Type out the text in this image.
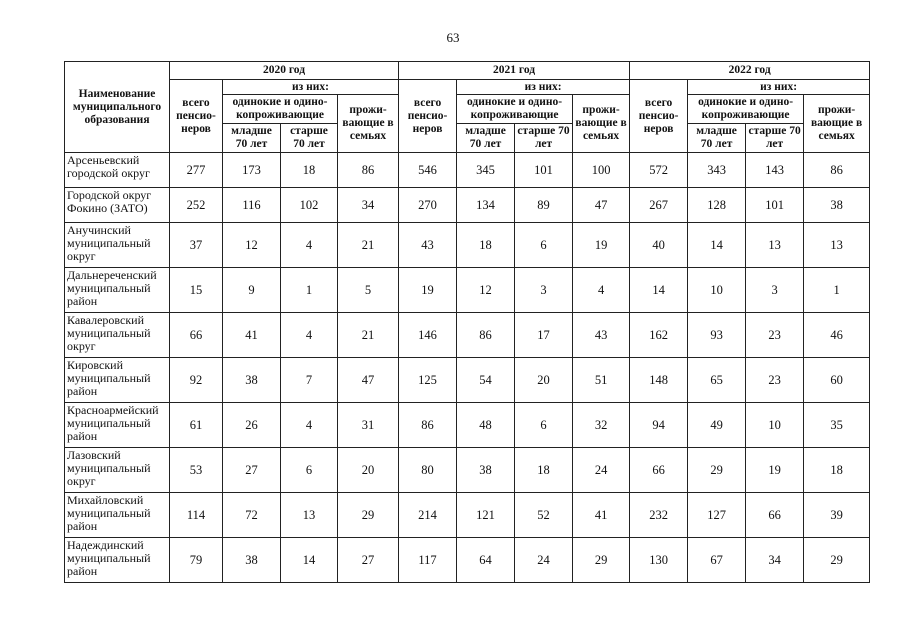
63
Наименование муниципального образования	2020 год				2021 год				2022 год			
	всего пенсио-неров	из них:			всего пенсио-неров	из них:			всего пенсио-неров	из них:		
		одинокие и одино-копроживающие		прожи-вающие в семьях		одинокие и одино-копроживающие		прожи-вающие в семьях		одинокие и одино-копроживающие		прожи-вающие в семьях
		младше 70 лет	старше 70 лет			младше 70 лет	старше 70 лет			младше 70 лет	старше 70 лет	
Арсеньевский городской округ	277	173	18	86	546	345	101	100	572	343	143	86
Городской округ Фокино (ЗАТО)	252	116	102	34	270	134	89	47	267	128	101	38
Анучинский муниципальный округ	37	12	4	21	43	18	6	19	40	14	13	13
Дальнереченский муниципальный район	15	9	1	5	19	12	3	4	14	10	3	1
Кавалеровский муниципальный округ	66	41	4	21	146	86	17	43	162	93	23	46
Кировский муниципальный район	92	38	7	47	125	54	20	51	148	65	23	60
Красноармейский муниципальный район	61	26	4	31	86	48	6	32	94	49	10	35
Лазовский муниципальный округ	53	27	6	20	80	38	18	24	66	29	19	18
Михайловский муниципальный район	114	72	13	29	214	121	52	41	232	127	66	39
Надеждинский муниципальный район	79	38	14	27	117	64	24	29	130	67	34	29
